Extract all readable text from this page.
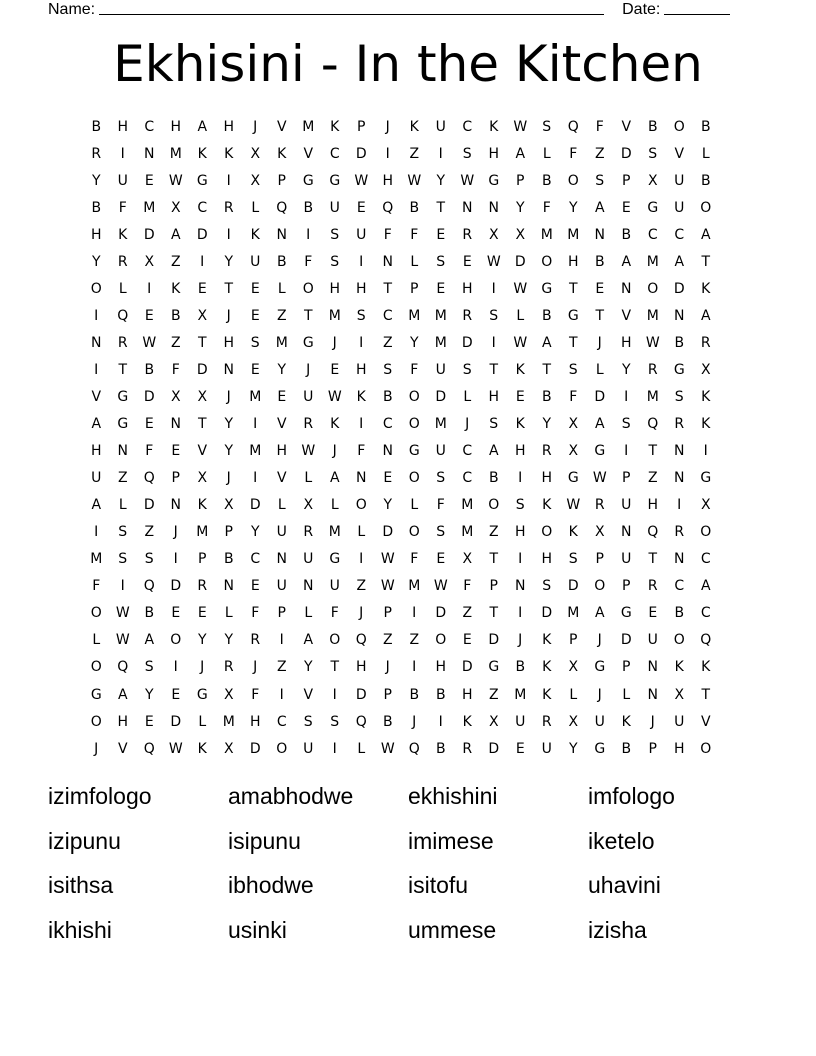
Name:	Date:
Ekhisini - In the Kitchen
B	H	C	H	A	H	J	V	M	K	P	J	K	U	C	K	W	S	Q	F	V	B	O	B
R	I	N	M	K	K	X	K	V	C	D	I	Z	I	S	H	A	L	F	Z	D	S	V	L
Y	U	E	W	G	I	X	P	G	G	W	H	W	Y	W	G	P	B	O	S	P	X	U	B
B	F	M	X	C	R	L	Q	B	U	E	Q	B	T	N	N	Y	F	Y	A	E	G	U	O
H	K	D	A	D	I	K	N	I	S	U	F	F	E	R	X	X	M	M	N	B	C	C	A
Y	R	X	Z	I	Y	U	B	F	S	I	N	L	S	E	W	D	O	H	B	A	M	A	T
O	L	I	K	E	T	E	L	O	H	H	T	P	E	H	I	W	G	T	E	N	O	D	K
I	Q	E	B	X	J	E	Z	T	M	S	C	M	M	R	S	L	B	G	T	V	M	N	A
N	R	W	Z	T	H	S	M	G	J	I	Z	Y	M	D	I	W	A	T	J	H	W	B	R
I	T	B	F	D	N	E	Y	J	E	H	S	F	U	S	T	K	T	S	L	Y	R	G	X
V	G	D	X	X	J	M	E	U	W	K	B	O	D	L	H	E	B	F	D	I	M	S	K
A	G	E	N	T	Y	I	V	R	K	I	C	O	M	J	S	K	Y	X	A	S	Q	R	K
H	N	F	E	V	Y	M	H	W	J	F	N	G	U	C	A	H	R	X	G	I	T	N	I
U	Z	Q	P	X	J	I	V	L	A	N	E	O	S	C	B	I	H	G	W	P	Z	N	G
A	L	D	N	K	X	D	L	X	L	O	Y	L	F	M	O	S	K	W	R	U	H	I	X
I	S	Z	J	M	P	Y	U	R	M	L	D	O	S	M	Z	H	O	K	X	N	Q	R	O
M	S	S	I	P	B	C	N	U	G	I	W	F	E	X	T	I	H	S	P	U	T	N	C
F	I	Q	D	R	N	E	U	N	U	Z	W M W	F	P	N	S	D	O	P	R	C	A
O	W	B	E	E	L	F	P	L	F	J	P	I	D	Z	T	I	D	M	A	G	E	B	C
L	W	A	O	Y	Y	R	I	A	O	Q	Z	Z	O	E	D	J	K	P	J	D	U	O	Q
O	Q	S	I	J	R	J	Z	Y	T	H	J	I	H	D	G	B	K	X	G	P	N	K	K
G	A	Y	E	G	X	F	I	V	I	D	P	B	B	H	Z	M	K	L	J	L	N	X	T
O	H	E	D	L	M	H	C	S	S	Q	B	J	I	K	X	U	R	X	U	K	J	U	V
J	V	Q	W	K	X	D	O	U	I	L	W	Q	B	R	D	E	U	Y	G	B	P	H	O
izimfologo	amabhodwe	ekhishini	imfologo
izipunu	isipunu	imimese	iketelo
isithsa	ibhodwe	isitofu	uhavini
ikhishi	usinki	ummese	izisha
